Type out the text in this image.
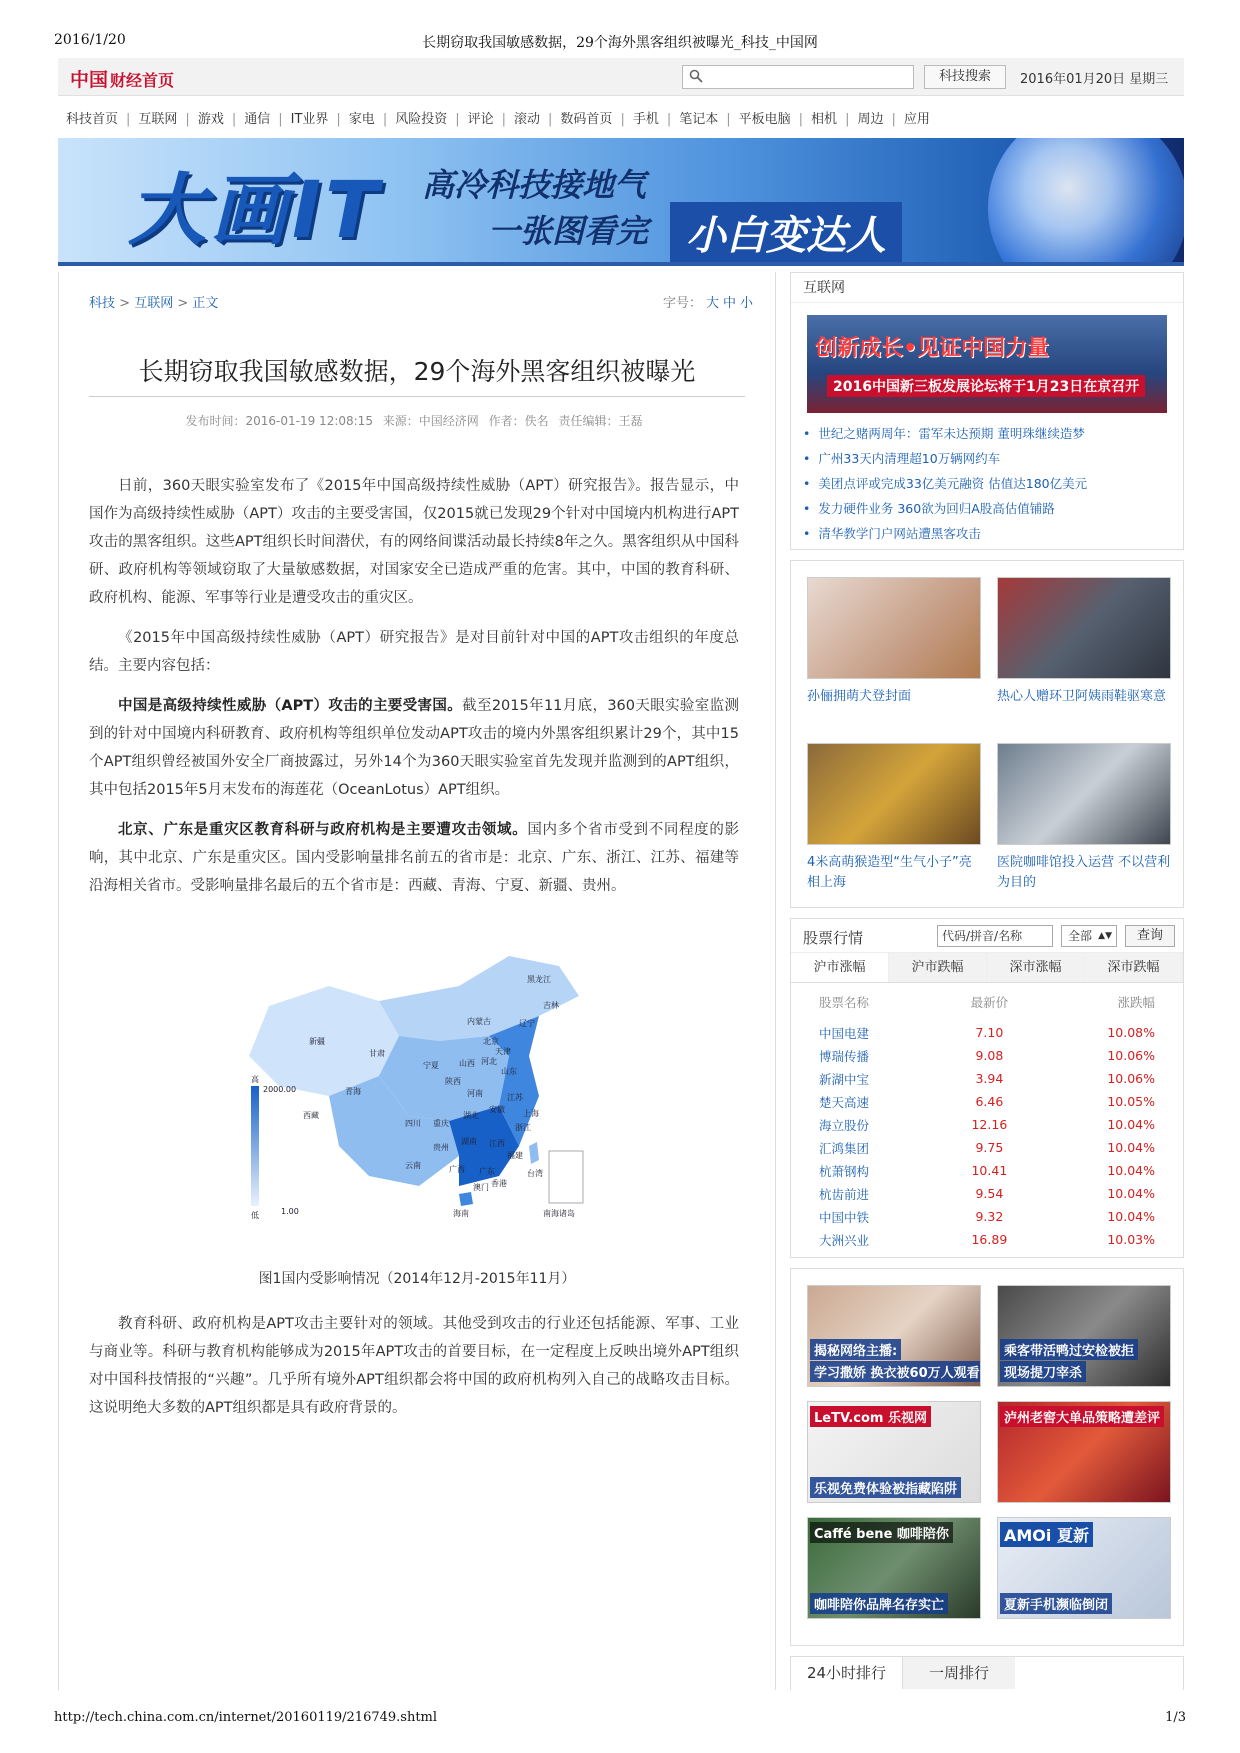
2016/1/20	长期窃取我国敏感数据，29个海外黑客组织被曝光_科技_中国网
中国 财经首页	科技搜索	2016年01月20日 星期三
科技首页 | 互联网 | 游戏 | 通信 | IT业界 | 家电 | 风险投资 | 评论 | 滚动 | 数码首页 | 手机 | 笔记本 | 平板电脑 | 相机 | 周边 | 应用
大画IT 高冷科技接地气
一张图看完 小白变达人
科技 > 互联网 > 正文	字号： 大 中 小
长期窃取我国敏感数据，29个海外黑客组织被曝光
发布时间：2016-01-19 12:08:15 来源：中国经济网 作者：佚名 责任编辑：王磊

日前，360天眼实验室发布了《2015年中国高级持续性威胁（APT）研究报告》。报告显示，中国作为高级持续性威胁（APT）攻击的主要受害国，仅2015就已发现29个针对中国境内机构进行APT攻击的黑客组织。这些APT组织长时间潜伏，有的网络间谍活动最长持续8年之久。黑客组织从中国科研、政府机构等领域窃取了大量敏感数据，对国家安全已造成严重的危害。其中，中国的教育科研、政府机构、能源、军事等行业是遭受攻击的重灾区。

《2015年中国高级持续性威胁（APT）研究报告》是对目前针对中国的APT攻击组织的年度总结。主要内容包括：

中国是高级持续性威胁（APT）攻击的主要受害国。截至2015年11月底，360天眼实验室监测到的针对中国境内科研教育、政府机构等组织单位发动APT攻击的境内外黑客组织累计29个，其中15个APT组织曾经被国外安全厂商披露过，另外14个为360天眼实验室首先发现并监测到的APT组织，其中包括2015年5月末发布的海莲花（OceanLotus）APT组织。

北京、广东是重灾区教育科研与政府机构是主要遭攻击领域。国内多个省市受到不同程度的影响，其中北京、广东是重灾区。国内受影响量排名前五的省市是：北京、广东、浙江、江苏、福建等沿海相关省市。受影响量排名最后的五个省市是：西藏、青海、宁夏、新疆、贵州。

高
2000.00
低	1.00
新疆
西藏
青海
甘肃
内蒙古
黑龙江
吉林
辽宁
北京
天津
河北
山西
宁夏
陕西
山东
河南	江苏
安徽 上海
四川 重庆
湖北
浙江
贵州
湖南 江西
福建
云南	广西 广东	台湾
澳门 香港
海南	南海诸岛
图1国内受影响情况（2014年12月-2015年11月）

教育科研、政府机构是APT攻击主要针对的领域。其他受到攻击的行业还包括能源、军事、工业与商业等。科研与教育机构能够成为2015年APT攻击的首要目标，在一定程度上反映出境外APT组织对中国科技情报的“兴趣”。几乎所有境外APT组织都会将中国的政府机构列入自己的战略攻击目标。这说明绝大多数的APT组织都是具有政府背景的。

互联网
创新成长•见证中国力量
2016中国新三板发展论坛将于1月23日在京召开
• 世纪之赌两周年：雷军未达预期 董明珠继续造梦
• 广州33天内清理超10万辆网约车
• 美团点评或完成33亿美元融资 估值达180亿美元
• 发力硬件业务 360欲为回归A股高估值铺路
• 清华教学门户网站遭黑客攻击
孙俪拥萌犬登封面	热心人赠环卫阿姨雨鞋驱寒意
4米高萌猴造型“生气小子”亮相上海
医院咖啡馆投入运营 不以营利为目的
股票行情	代码/拼音/名称	全部 ▲▼	查询
沪市涨幅	沪市跌幅	深市涨幅	深市跌幅
股票名称	最新价	涨跌幅
中国电建	7.10	10.08%
博瑞传播	9.08	10.06%
新湖中宝	3.94	10.06%
楚天高速	6.46	10.05%
海立股份	12.16	10.04%
汇鸿集团	9.75	10.04%
杭萧钢构	10.41	10.04%
杭齿前进	9.54	10.04%
中国中铁	9.32	10.04%
大洲兴业	16.89	10.03%
揭秘网络主播:
学习撒娇 换衣被60万人观看
乘客带活鸭过安检被拒
现场提刀宰杀
LeTV.com 乐视网
乐视免费体验被指藏陷阱
泸州老窖大单品策略遭差评
Caffé bene 咖啡陪你
咖啡陪你品牌名存实亡
AMOi 夏新
夏新手机濒临倒闭
24小时排行	一周排行
http://tech.china.com.cn/internet/20160119/216749.shtml	1/3
